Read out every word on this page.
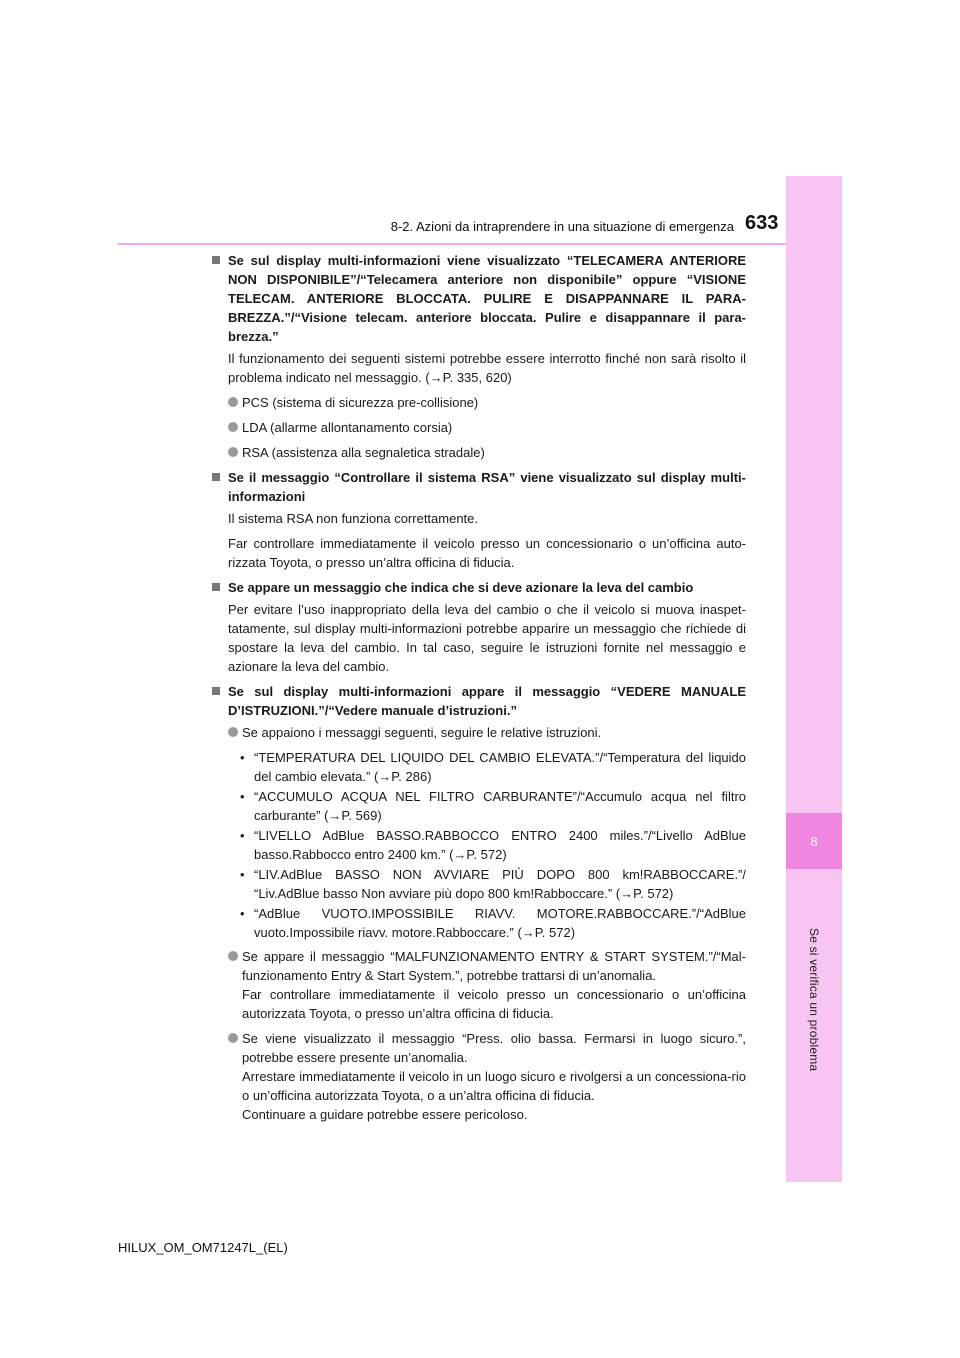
8
Se si verifica un problema
8-2. Azioni da intraprendere in una situazione di emergenza 633
Se sul display multi-informazioni viene visualizzato “TELECAMERA ANTERIORE NON DISPONIBILE”/“Telecamera anteriore non disponibile” oppure “VISIONE TELECAM. ANTERIORE BLOCCATA. PULIRE E DISAPPANNARE IL PARA-BREZZA.”/“Visione telecam. anteriore bloccata. Pulire e disappannare il para-brezza.”
Il funzionamento dei seguenti sistemi potrebbe essere interrotto finché non sarà risolto il problema indicato nel messaggio. (→P. 335, 620)
PCS (sistema di sicurezza pre-collisione)
LDA (allarme allontanamento corsia)
RSA (assistenza alla segnaletica stradale)
Se il messaggio “Controllare il sistema RSA” viene visualizzato sul display multi-informazioni
Il sistema RSA non funziona correttamente.
Far controllare immediatamente il veicolo presso un concessionario o un’officina auto-rizzata Toyota, o presso un’altra officina di fiducia.
Se appare un messaggio che indica che si deve azionare la leva del cambio
Per evitare l’uso inappropriato della leva del cambio o che il veicolo si muova inaspet-tatamente, sul display multi-informazioni potrebbe apparire un messaggio che richiede di spostare la leva del cambio. In tal caso, seguire le istruzioni fornite nel messaggio e azionare la leva del cambio.
Se sul display multi-informazioni appare il messaggio “VEDERE MANUALE D’ISTRUZIONI.”/“Vedere manuale d’istruzioni.”
Se appaiono i messaggi seguenti, seguire le relative istruzioni.
• “TEMPERATURA DEL LIQUIDO DEL CAMBIO ELEVATA.”/“Temperatura del liquido del cambio elevata.” (→P. 286)
• “ACCUMULO ACQUA NEL FILTRO CARBURANTE”/“Accumulo acqua nel filtro carburante” (→P. 569)
• “LIVELLO AdBlue BASSO.RABBOCCO ENTRO 2400 miles.”/“Livello AdBlue basso.Rabbocco entro 2400 km.” (→P. 572)
• “LIV.AdBlue BASSO NON AVVIARE PIÙ DOPO 800 km!RABBOCCARE.”/ “Liv.AdBlue basso Non avviare più dopo 800 km!Rabboccare.” (→P. 572)
• “AdBlue VUOTO.IMPOSSIBILE RIAVV. MOTORE.RABBOCCARE.”/“AdBlue vuoto.Impossibile riavv. motore.Rabboccare.” (→P. 572)
Se appare il messaggio “MALFUNZIONAMENTO ENTRY & START SYSTEM.”/“Mal-funzionamento Entry & Start System.”, potrebbe trattarsi di un’anomalia.
Far controllare immediatamente il veicolo presso un concessionario o un’officina autorizzata Toyota, o presso un’altra officina di fiducia.
Se viene visualizzato il messaggio “Press. olio bassa. Fermarsi in luogo sicuro.”, potrebbe essere presente un’anomalia.
Arrestare immediatamente il veicolo in un luogo sicuro e rivolgersi a un concessiona-rio o un’officina autorizzata Toyota, o a un’altra officina di fiducia.
Continuare a guidare potrebbe essere pericoloso.
HILUX_OM_OM71247L_(EL)
